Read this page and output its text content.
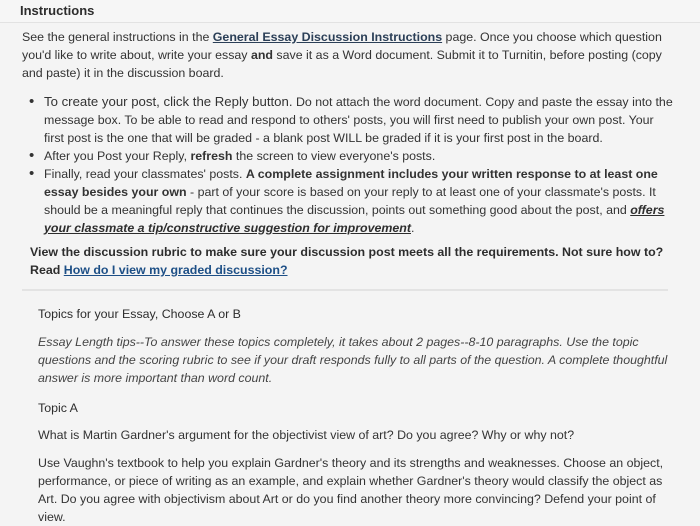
Instructions

See the general instructions in the General Essay Discussion Instructions page. Once you choose which question you'd like to write about, write your essay and save it as a Word document. Submit it to Turnitin, before posting (copy and paste) it in the discussion board.

• To create your post, click the Reply button. Do not attach the word document. Copy and paste the essay into the message box. To be able to read and respond to others' posts, you will first need to publish your own post. Your first post is the one that will be graded - a blank post WILL be graded if it is your first post in the board.
• After you Post your Reply, refresh the screen to view everyone's posts.
• Finally, read your classmates' posts. A complete assignment includes your written response to at least one essay besides your own - part of your score is based on your reply to at least one of your classmate's posts. It should be a meaningful reply that continues the discussion, points out something good about the post, and offers your classmate a tip/constructive suggestion for improvement.

View the discussion rubric to make sure your discussion post meets all the requirements. Not sure how to? Read How do I view my graded discussion?

Topics for your Essay, Choose A or B

Essay Length tips--To answer these topics completely, it takes about 2 pages--8-10 paragraphs. Use the topic questions and the scoring rubric to see if your draft responds fully to all parts of the question. A complete thoughtful answer is more important than word count.

Topic A

What is Martin Gardner's argument for the objectivist view of art? Do you agree? Why or why not?

Use Vaughn's textbook to help you explain Gardner's theory and its strengths and weaknesses. Choose an object, performance, or piece of writing as an example, and explain whether Gardner's theory would classify the object as Art. Do you agree with objectivism about Art or do you find another theory more convincing? Defend your point of view.
